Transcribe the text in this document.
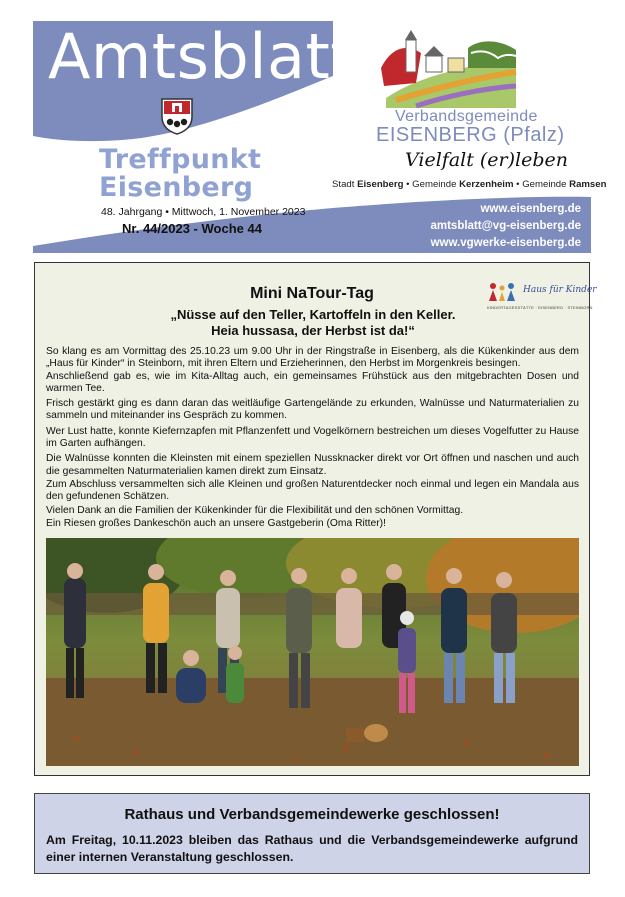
Amtsblatt
Treffpunkt
Eisenberg
48. Jahrgang • Mittwoch, 1. November 2023
Nr. 44/2023 - Woche 44
Verbandsgemeinde
EISENBERG (Pfalz)
Vielfalt (er)leben
Stadt Eisenberg • Gemeinde Kerzenheim • Gemeinde Ramsen
www.eisenberg.de
amtsblatt@vg-eisenberg.de
www.vgwerke-eisenberg.de
Mini NaTour-Tag
„Nüsse auf den Teller, Kartoffeln in den Keller.
Heia hussasa, der Herbst ist da!“
Haus für Kinder
KINDERTAGESSTÄTTE · EISENBERG · STEINBORN

So klang es am Vormittag des 25.10.23 um 9.00 Uhr in der Ringstraße in Eisenberg, als die Kükenkinder aus dem „Haus für Kinder“ in Steinborn, mit ihren Eltern und Erzieherinnen, den Herbst im Morgenkreis besingen.

Anschließend gab es, wie im Kita-Alltag auch, ein gemeinsames Frühstück aus den mitgebrachten Dosen und warmen Tee.

Frisch gestärkt ging es dann daran das weitläufige Gartengelände zu erkunden, Walnüsse und Naturmaterialien zu sammeln und miteinander ins Gespräch zu kommen.

Wer Lust hatte, konnte Kiefernzapfen mit Pflanzenfett und Vogelkörnern bestreichen um dieses Vogelfutter zu Hause im Garten aufhängen.

Die Walnüsse konnten die Kleinsten mit einem speziellen Nussknacker direkt vor Ort öffnen und naschen und auch die gesammelten Naturmaterialien kamen direkt zum Einsatz.

Zum Abschluss versammelten sich alle Kleinen und großen Naturentdecker noch einmal und legen ein Mandala aus den gefundenen Schätzen.

Vielen Dank an die Familien der Kükenkinder für die Flexibilität und den schönen Vormittag.

Ein Riesen großes Dankeschön auch an unsere Gastgeberin (Oma Ritter)!

Rathaus und Verbandsgemeindewerke geschlossen!
Am Freitag, 10.11.2023 bleiben das Rathaus und die Verbandsgemeindewerke aufgrund einer internen Veranstaltung geschlossen.
